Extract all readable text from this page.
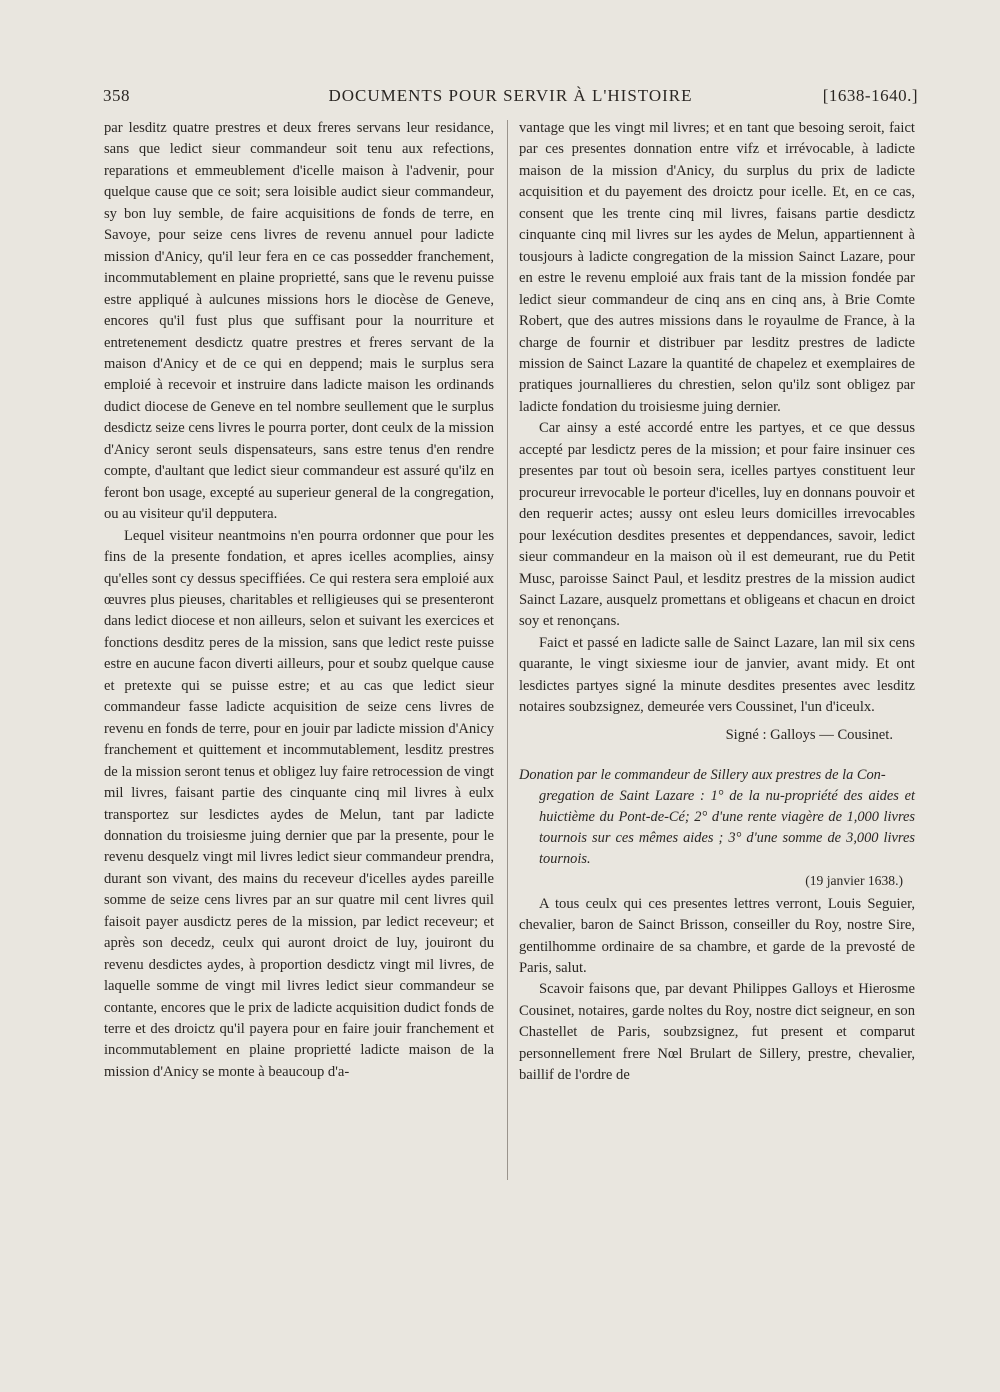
358	DOCUMENTS POUR SERVIR À L'HISTOIRE	[1638-1640.]

par lesditz quatre prestres et deux freres servans leur residance, sans que ledict sieur commandeur soit tenu aux refections, reparations et emmeublement d'icelle maison à l'advenir, pour quelque cause que ce soit; sera loisible audict sieur commandeur, sy bon luy semble, de faire acquisitions de fonds de terre, en Savoye, pour seize cens livres de revenu annuel pour ladicte mission d'Anicy, qu'il leur fera en ce cas possedder franchement, incommutablement en plaine proprietté, sans que le revenu puisse estre appliqué à aulcunes missions hors le diocèse de Geneve, encores qu'il fust plus que suffisant pour la nourriture et entretenement desdictz quatre prestres et freres servant de la maison d'Anicy et de ce qui en deppend; mais le surplus sera emploié à recevoir et instruire dans ladicte maison les ordinands dudict diocese de Geneve en tel nombre seullement que le surplus desdictz seize cens livres le pourra porter, dont ceulx de la mission d'Anicy seront seuls dispensateurs, sans estre tenus d'en rendre compte, d'aultant que ledict sieur commandeur est assuré qu'ilz en feront bon usage, excepté au superieur general de la congregation, ou au visiteur qu'il depputera.

Lequel visiteur neantmoins n'en pourra ordonner que pour les fins de la presente fondation, et apres icelles acomplies, ainsy qu'elles sont cy dessus speciffiées. Ce qui restera sera emploié aux œuvres plus pieuses, charitables et relligieuses qui se presenteront dans ledict diocese et non ailleurs, selon et suivant les exercices et fonctions desditz peres de la mission, sans que ledict reste puisse estre en aucune facon diverti ailleurs, pour et soubz quelque cause et pretexte qui se puisse estre; et au cas que ledict sieur commandeur fasse ladicte acquisition de seize cens livres de revenu en fonds de terre, pour en jouir par ladicte mission d'Anicy franchement et quittement et incommutablement, lesditz prestres de la mission seront tenus et obligez luy faire retrocession de vingt mil livres, faisant partie des cinquante cinq mil livres à eulx transportez sur lesdictes aydes de Melun, tant par ladicte donnation du troisiesme juing dernier que par la presente, pour le revenu desquelz vingt mil livres ledict sieur commandeur prendra, durant son vivant, des mains du receveur d'icelles aydes pareille somme de seize cens livres par an sur quatre mil cent livres quil faisoit payer ausdictz peres de la mission, par ledict receveur; et après son decedz, ceulx qui auront droict de luy, jouiront du revenu desdictes aydes, à proportion desdictz vingt mil livres, de laquelle somme de vingt mil livres ledict sieur commandeur se contante, encores que le prix de ladicte acquisition dudict fonds de terre et des droictz qu'il payera pour en faire jouir franchement et incommutablement en plaine proprietté ladicte maison de la mission d'Anicy se monte à beaucoup d'a-

vantage que les vingt mil livres; et en tant que besoing seroit, faict par ces presentes donnation entre vifz et irrévocable, à ladicte maison de la mission d'Anicy, du surplus du prix de ladicte acquisition et du payement des droictz pour icelle. Et, en ce cas, consent que les trente cinq mil livres, faisans partie desdictz cinquante cinq mil livres sur les aydes de Melun, appartiennent à tousjours à ladicte congregation de la mission Sainct Lazare, pour en estre le revenu emploié aux frais tant de la mission fondée par ledict sieur commandeur de cinq ans en cinq ans, à Brie Comte Robert, que des autres missions dans le royaulme de France, à la charge de fournir et distribuer par lesditz prestres de ladicte mission de Sainct Lazare la quantité de chapelez et exemplaires de pratiques journallieres du chrestien, selon qu'ilz sont obligez par ladicte fondation du troisiesme juing dernier.

Car ainsy a esté accordé entre les partyes, et ce que dessus accepté par lesdictz peres de la mission; et pour faire insinuer ces presentes par tout où besoin sera, icelles partyes constituent leur procureur irrevocable le porteur d'icelles, luy en donnans pouvoir et den requerir actes; aussy ont esleu leurs domicilles irrevocables pour lexécution desdites presentes et deppendances, savoir, ledict sieur commandeur en la maison où il est demeurant, rue du Petit Musc, paroisse Sainct Paul, et lesditz prestres de la mission audict Sainct Lazare, ausquelz promettans et obligeans et chacun en droict soy et renonçans.

Faict et passé en ladicte salle de Sainct Lazare, lan mil six cens quarante, le vingt sixiesme iour de janvier, avant midy. Et ont lesdictes partyes signé la minute desdites presentes avec lesditz notaires soubzsignez, demeurée vers Coussinet, l'un d'iceulx.

Signé : Galloys — Cousinet.

Donation par le commandeur de Sillery aux prestres de la Con-
gregation de Saint Lazare : 1° de la nu-propriété des aides et huictième du Pont-de-Cé; 2° d'une rente viagère de 1,000 livres tournois sur ces mêmes aides ; 3° d'une somme de 3,000 livres tournois.

(19 janvier 1638.)

A tous ceulx qui ces presentes lettres verront, Louis Seguier, chevalier, baron de Sainct Brisson, conseiller du Roy, nostre Sire, gentilhomme ordinaire de sa chambre, et garde de la prevosté de Paris, salut.

Scavoir faisons que, par devant Philippes Galloys et Hierosme Cousinet, notaires, garde noltes du Roy, nostre dict seigneur, en son Chastellet de Paris, soubzsignez, fut present et comparut personnellement frere Nœl Brulart de Sillery, prestre, chevalier, baillif de l'ordre de
